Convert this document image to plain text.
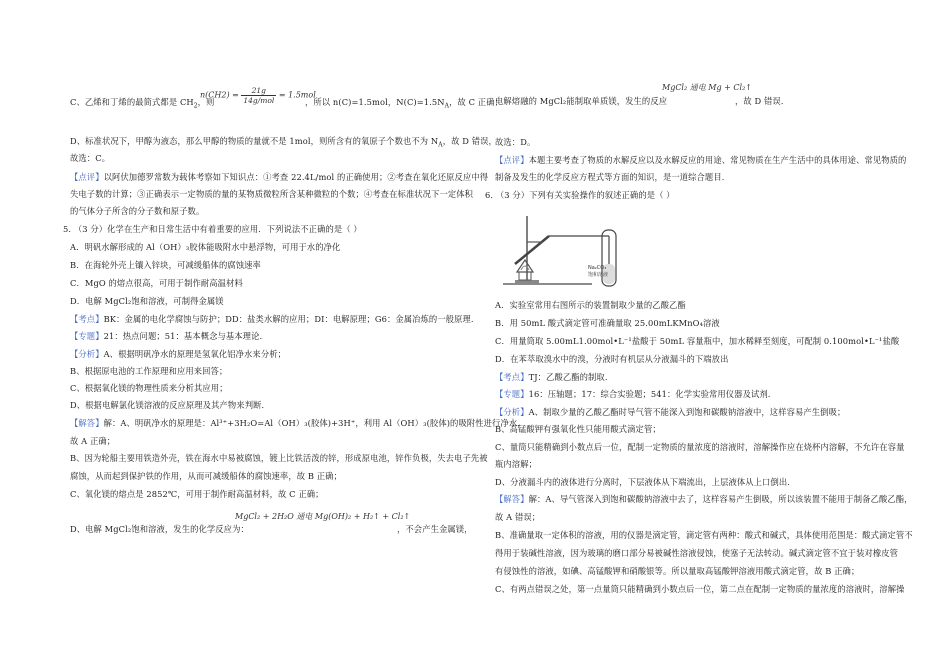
C、乙烯和丁烯的最简式都是 $CH_2$，则
$n(CH2) = \frac{21g}{\text{14g/mol}} = 1.5mol$
，所以 n(C)=1.5mol，$N(C)=1.5N_A$，故 C 正确；
D、标准状况下，甲醇为液态，那么甲醇的物质的量就不是 1mol，则所含有的氧原子个数也不为 $N_A$，故 D 错误，
故选：C。
【点评】以阿伏加德罗常数为载体考察如下知识点：①考查 22.4L/mol 的正确使用；②考查在氧化还原反应中得
失电子数的计算；③正确表示一定物质的量的某物质微粒所含某种微粒的个数；④考查在标准状况下一定体积
的气体分子所含的分子数和原子数。
5. （3 分）化学在生产和日常生活中有着重要的应用．下列说法不正确的是（ ）
A．明矾水解形成的 Al（OH）₃胶体能吸附水中悬浮物，可用于水的净化
B．在海轮外壳上镶入锌块，可减缓船体的腐蚀速率
C．MgO 的熔点很高，可用于制作耐高温材料
D．电解 MgCl₂饱和溶液，可制得金属镁
【考点】BK：金属的电化学腐蚀与防护；DD：盐类水解的应用；DI：电解原理；G6：金属冶炼的一般原理.
【专题】21：热点问题；51：基本概念与基本理论.
【分析】A、根据明矾净水的原理是氢氧化铝净水来分析；
B、根据原电池的工作原理和应用来回答；
C、根据氧化镁的物理性质来分析其应用；
D、根据电解氯化镁溶液的反应原理及其产物来判断．
【解答】解：A、明矾净水的原理是：Al³⁺+3H₂O=Al（OH）₃(胶体)+3H⁺，利用 Al（OH）₃(胶体)的吸附性进行净水，
故 A 正确；
B、因为轮船主要用铁造外壳，铁在海水中易被腐蚀，镀上比铁活泼的锌，形成原电池，锌作负极，失去电子先被
腐蚀，从而起到保护铁的作用，从而可减缓船体的腐蚀速率，故 B 正确；
C、氧化镁的熔点是 2852℃，可用于制作耐高温材料，故 C 正确；
MgCl₂ + 2H₂O 通电 Mg(OH)₂ + H₂↑ + Cl₂↑
D、电解 MgCl₂饱和溶液，发生的化学反应为：	，不会产生金属镁，
MgCl₂ 通电 Mg + Cl₂↑
电解熔融的 MgCl₂能制取单质镁，发生的反应	，故 D 错误．
故选：D。
【点评】本题主要考查了物质的水解反应以及水解反应的用途、常见物质在生产生活中的具体用途、常见物质的
制备及发生的化学反应方程式等方面的知识，是一道综合题目．
6. （3 分）下列有关实验操作的叙述正确的是（ ）
Na₂CO₃
饱和溶液
A．实验室常用右图所示的装置制取少量的乙酸乙酯
B．用 50mL 酸式滴定管可准确量取 25.00mLKMnO₄溶液
C．用量筒取 5.00mL1.00mol•L⁻¹盐酸于 50mL 容量瓶中，加水稀释至刻度，可配制 0.100mol•L⁻¹盐酸
D．在苯萃取溴水中的溴，分液时有机层从分液漏斗的下端放出
【考点】TJ：乙酸乙酯的制取.
【专题】16：压轴题；17：综合实验题；541：化学实验常用仪器及试剂.
【分析】A、制取少量的乙酸乙酯时导气管不能深入到饱和碳酸钠溶液中，这样容易产生倒吸；
B、高锰酸钾有强氧化性只能用酸式滴定管；
C、量筒只能精确到小数点后一位，配制一定物质的量浓度的溶液时，溶解操作应在烧杯内溶解，不允许在容量
瓶内溶解；
D、分液漏斗内的液体进行分离时，下层液体从下端流出，上层液体从上口倒出．
【解答】解：A、导气管深入到饱和碳酸钠溶液中去了，这样容易产生倒吸，所以该装置不能用于制备乙酸乙酯，
故 A 错误；
B、准确量取一定体积的溶液，用的仪器是滴定管，滴定管有两种：酸式和碱式，具体使用范围是：酸式滴定管不
得用于装碱性溶液，因为玻璃的磨口部分易被碱性溶液侵蚀，使塞子无法转动。碱式滴定管不宜于装对橡皮管
有侵蚀性的溶液，如碘、高锰酸钾和硝酸银等。所以量取高锰酸钾溶液用酸式滴定管，故 B 正确；
C、有两点错误之处，第一点量筒只能精确到小数点后一位，第二点在配制一定物质的量浓度的溶液时，溶解操
